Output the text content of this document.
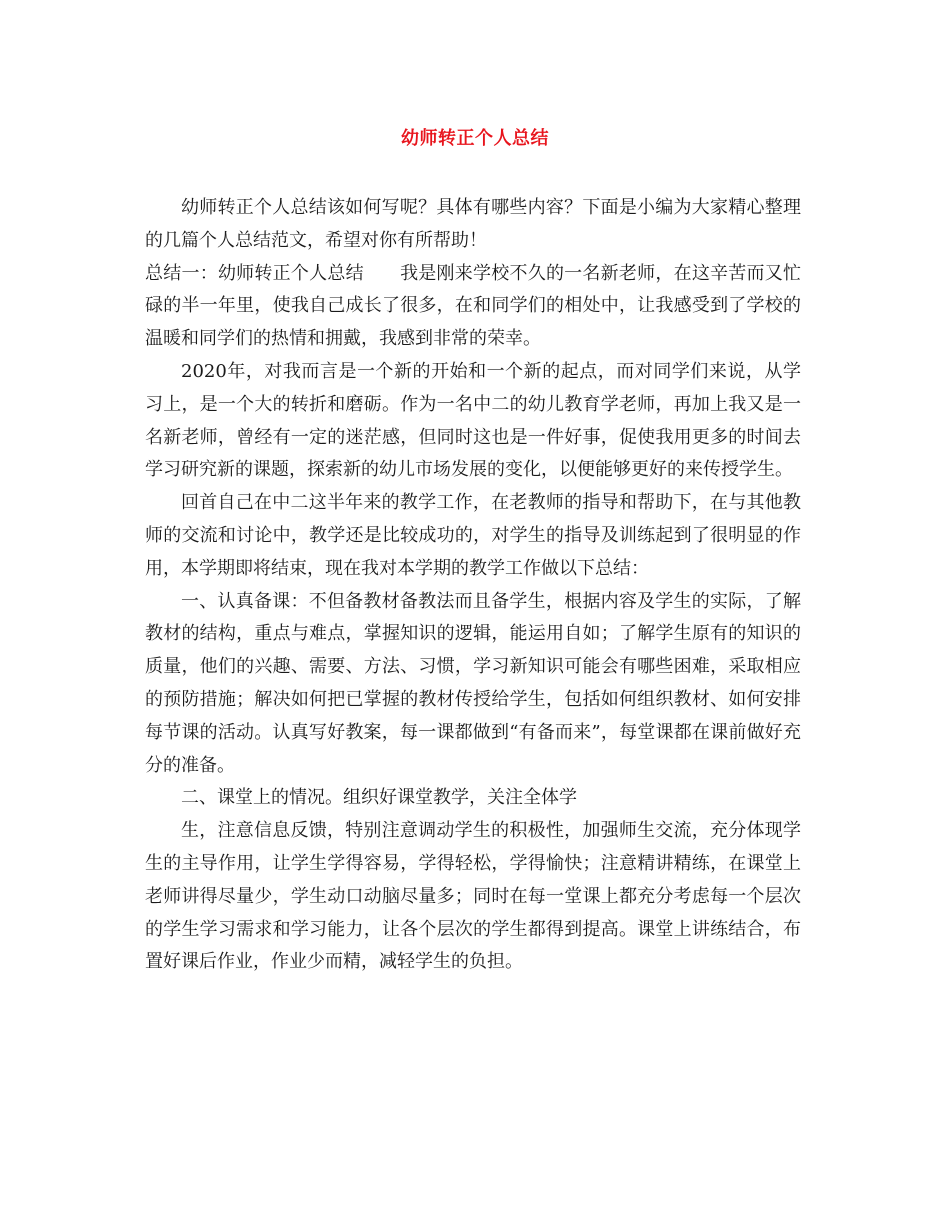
幼师转正个人总结

幼师转正个人总结该如何写呢？具体有哪些内容？下面是小编为大家精心整理的几篇个人总结范文，希望对你有所帮助！

总结一：幼师转正个人总结 我是刚来学校不久的一名新老师，在这辛苦而又忙碌的半一年里，使我自己成长了很多，在和同学们的相处中，让我感受到了学校的温暖和同学们的热情和拥戴，我感到非常的荣幸。

2020年，对我而言是一个新的开始和一个新的起点，而对同学们来说，从学习上，是一个大的转折和磨砺。作为一名中二的幼儿教育学老师，再加上我又是一名新老师，曾经有一定的迷茫感，但同时这也是一件好事，促使我用更多的时间去学习研究新的课题，探索新的幼儿市场发展的变化，以便能够更好的来传授学生。

回首自己在中二这半年来的教学工作，在老教师的指导和帮助下，在与其他教师的交流和讨论中，教学还是比较成功的，对学生的指导及训练起到了很明显的作用，本学期即将结束，现在我对本学期的教学工作做以下总结：

一、认真备课：不但备教材备教法而且备学生，根据内容及学生的实际，了解教材的结构，重点与难点，掌握知识的逻辑，能运用自如；了解学生原有的知识的质量，他们的兴趣、需要、方法、习惯，学习新知识可能会有哪些困难，采取相应的预防措施；解决如何把已掌握的教材传授给学生，包括如何组织教材、如何安排每节课的活动。认真写好教案，每一课都做到“有备而来”，每堂课都在课前做好充分的准备。

二、课堂上的情况。组织好课堂教学，关注全体学

生，注意信息反馈，特别注意调动学生的积极性，加强师生交流，充分体现学生的主导作用，让学生学得容易，学得轻松，学得愉快；注意精讲精练，在课堂上老师讲得尽量少，学生动口动脑尽量多；同时在每一堂课上都充分考虑每一个层次的学生学习需求和学习能力，让各个层次的学生都得到提高。课堂上讲练结合，布置好课后作业，作业少而精，减轻学生的负担。
